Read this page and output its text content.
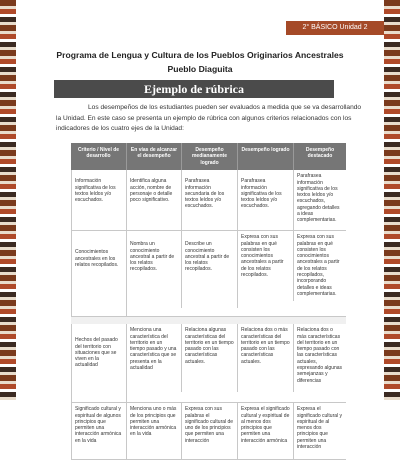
2° BÁSICO Unidad 2
Programa de Lengua y Cultura de los Pueblos Originarios Ancestrales
Pueblo Diaguita
Ejemplo de rúbrica
Los desempeños de los estudiantes pueden ser evaluados a medida que se va desarrollando
la Unidad. En este caso se presenta un ejemplo de rúbrica con algunos criterios relacionados con los
indicadores de los cuatro ejes de la Unidad:
Criterio / Nivel de desarrollo
En vías de alcanzar el desempeño
Desempeño medianamente logrado
Desempeño logrado	Desempeño destacado
Información significativa de los textos leídos y/o escuchados.
Identifica alguna acción, nombre de personaje o detalle poco significativo.
Parafrasea información secundaria de los textos leídos y/o escuchados.
Parafrasea información significativa de los textos leídos y/o escuchados.
Parafrasea información significativa de los textos leídos y/o escuchados, agregando detalles a ideas complementarias.
Conocimientos ancestrales en los relatos recopilados.
Nombra un conocimiento ancestral a partir de los relatos recopilados.
Describe un conocimiento ancestral a partir de los relatos recopilados.
Expresa con sus palabras en qué consisten los conocimientos ancestrales a partir de los relatos recopilados.
Expresa con sus palabras en qué consisten los conocimientos ancestrales a partir de los relatos recopilados, incorporando detalles e ideas complementarias.
Hechos del pasado del territorio con situaciones que se viven en la actualidad
Menciona una característica del territorio en un tiempo pasado y una característica que se presenta en la actualidad
Relaciona algunas características del territorio en un tiempo pasado con las características actuales.
Relaciona dos o más características del territorio en un tiempo pasado con las características actuales.
Relaciona dos o más características del territorio en un tiempo pasado con las características actuales, expresando algunas semejanzas y diferencias
Significado cultural y espiritual de algunos principios que permiten una interacción armónica en la vida
Menciona uno o más de los principios que permiten una interacción armónica en la vida
Expresa con sus palabras el significado cultural de uno de los principios que permiten una interacción
Expresa el significado cultural y espiritual de al menos dos principios que permiten una interacción armónica
Expresa el significado cultural y espiritual de al menos dos principios que permiten una interacción
